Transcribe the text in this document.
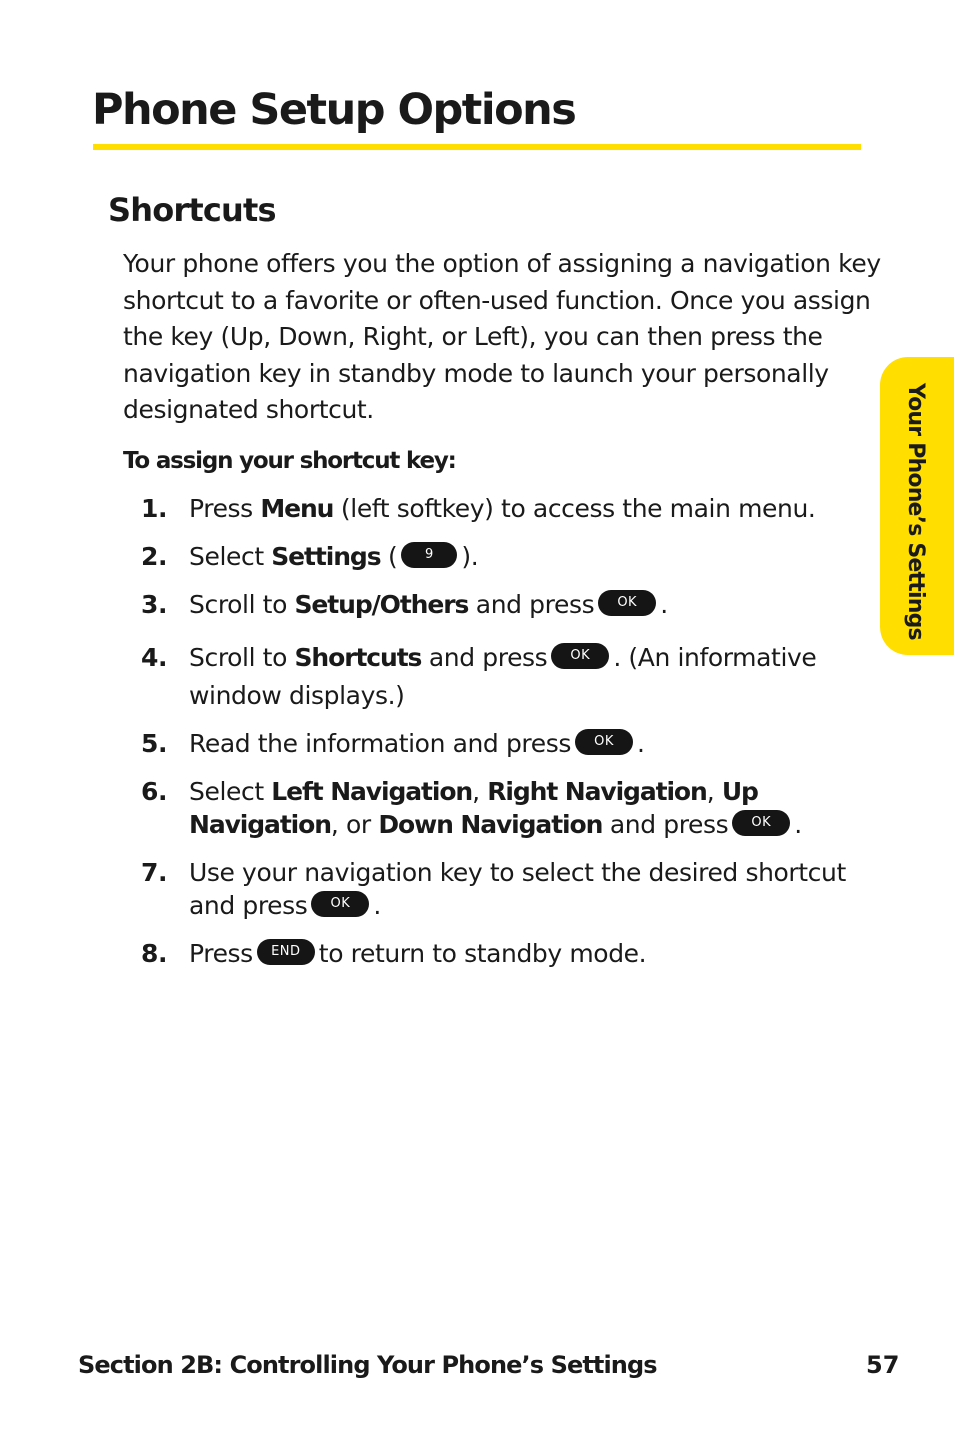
Phone Setup Options
Shortcuts

Your phone offers you the option of assigning a navigation key shortcut to a favorite or often-used function. Once you assign the key (Up, Down, Right, or Left), you can then press the navigation key in standby mode to launch your personally designated shortcut.

To assign your shortcut key:

1. Press Menu (left softkey) to access the main menu.
2. Select Settings ( 9 ).
3. Scroll to Setup/Others and press OK .
4. Scroll to Shortcuts and press OK . (An informative window displays.)
5. Read the information and press OK .
6. Select Left Navigation, Right Navigation, Up Navigation, or Down Navigation and press OK .
7. Use your navigation key to select the desired shortcut and press OK .
8. Press END to return to standby mode.
Your Phone’s Settings
Section 2B: Controlling Your Phone’s Settings	57
